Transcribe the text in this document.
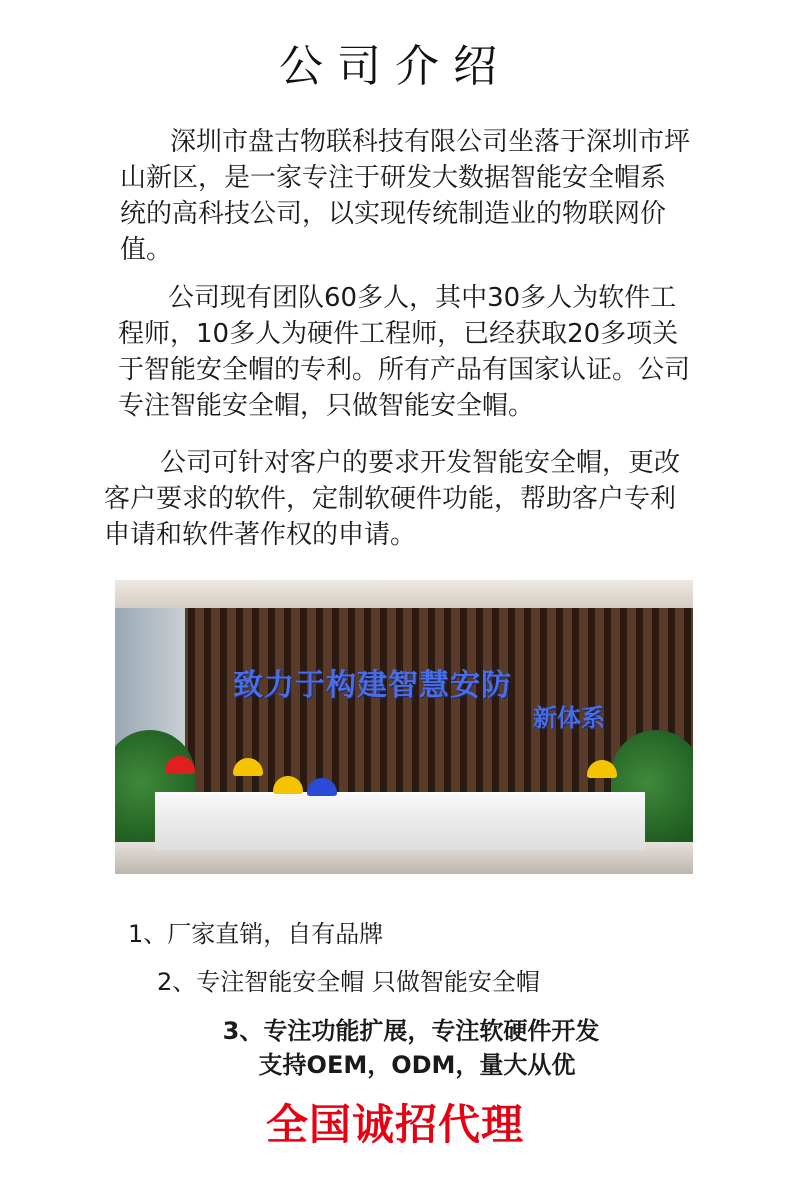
公司介绍

深圳市盘古物联科技有限公司坐落于深圳市坪山新区，是一家专注于研发大数据智能安全帽系统的高科技公司，以实现传统制造业的物联网价值。

公司现有团队60多人，其中30多人为软件工程师，10多人为硬件工程师，已经获取20多项关于智能安全帽的专利。所有产品有国家认证。公司专注智能安全帽，只做智能安全帽。

公司可针对客户的要求开发智能安全帽，更改客户要求的软件，定制软硬件功能，帮助客户专利申请和软件著作权的申请。

致力于构建智慧安防
新体系

1、厂家直销，自有品牌

2、专注智能安全帽 只做智能安全帽

3、专注功能扩展，专注软硬件开发
支持OEM，ODM，量大从优
全国诚招代理
